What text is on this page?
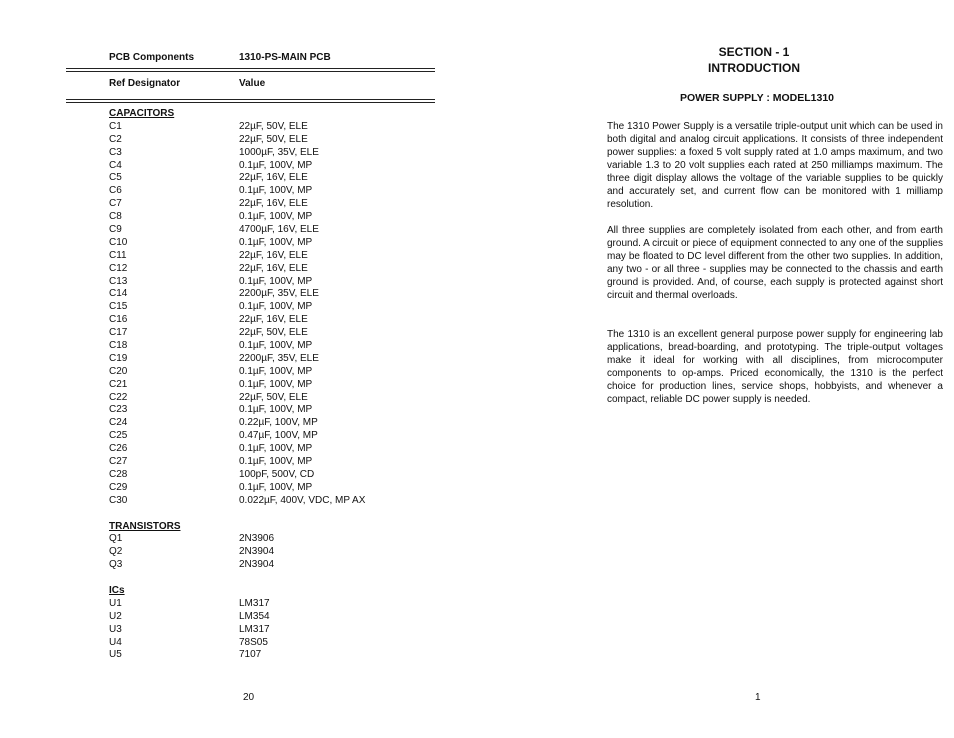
PCB Components	1310-PS-MAIN PCB
Ref Designator	Value
CAPACITORS
C1	22µF, 50V, ELE
C2	22µF, 50V, ELE
C3	1000µF, 35V, ELE
C4	0.1µF, 100V, MP
C5	22µF, 16V, ELE
C6	0.1µF, 100V, MP
C7	22µF, 16V, ELE
C8	0.1µF, 100V, MP
C9	4700µF, 16V, ELE
C10	0.1µF, 100V, MP
C11	22µF, 16V, ELE
C12	22µF, 16V, ELE
C13	0.1µF, 100V, MP
C14	2200µF, 35V, ELE
C15	0.1µF, 100V, MP
C16	22µF, 16V, ELE
C17	22µF, 50V, ELE
C18	0.1µF, 100V, MP
C19	2200µF, 35V, ELE
C20	0.1µF, 100V, MP
C21	0.1µF, 100V, MP
C22	22µF, 50V, ELE
C23	0.1µF, 100V, MP
C24	0.22µF, 100V, MP
C25	0.47µF, 100V, MP
C26	0.1µF, 100V, MP
C27	0.1µF, 100V, MP
C28	100pF, 500V, CD
C29	0.1µF, 100V, MP
C30	0.022µF, 400V, VDC, MP AX
TRANSISTORS
Q1	2N3906
Q2	2N3904
Q3	2N3904
ICs
U1	LM317
U2	LM354
U3	LM317
U4	78S05
U5	7107
20
SECTION - 1
INTRODUCTION
POWER SUPPLY : MODEL1310
The 1310 Power Supply is a versatile triple-output unit which can be used in both digital and analog circuit applications. It consists of three independent power supplies: a foxed 5 volt supply rated at 1.0 amps maximum, and two variable 1.3 to 20 volt supplies each rated at 250 milliamps maximum. The three digit display allows the voltage of the variable supplies to be quickly and accurately set, and current flow can be monitored with 1 milliamp resolution.
All three supplies are completely isolated from each other, and from earth ground. A circuit or piece of equipment connected to any one of the supplies may be floated to DC level different from the other two supplies. In addition, any two - or all three - supplies may be connected to the chassis and earth ground is provided. And, of course, each supply is protected against short circuit and thermal overloads.
The 1310 is an excellent general purpose power supply for engineering lab applications, bread-boarding, and prototyping. The triple-output voltages make it ideal for working with all disciplines, from microcomputer components to op-amps. Priced economically, the 1310 is the perfect choice for production lines, service shops, hobbyists, and whenever a compact, reliable DC power supply is needed.
1
